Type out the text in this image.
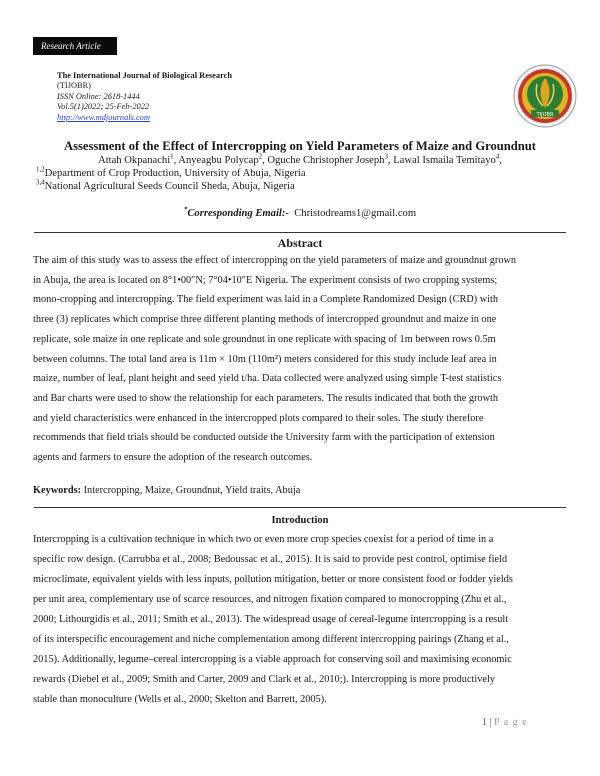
Research Article
The International Journal of Biological Research
(TIJOBR)
ISSN Online: 2618-1444
Vol.5(1)2022; 25-Feb-2022
http://www.mdjournals.com	TIJOBR
Assessment of the Effect of Intercropping on Yield Parameters of Maize and Groundnut
Attah Okpanachi$^1$, Anyeagbu Polycap$^2$, Oguche Christopher Joseph$^3$, Lawal Ismaila Temitayo$^4$,
$^{1,2}$Department of Crop Production, University of Abuja, Nigeria
$^{3,4}$National Agricultural Seeds Council Sheda, Abuja, Nigeria
*Corresponding Email:- Christodreams1@gmail.com
Abstract
The aim of this study was to assess the effect of intercropping on the yield parameters of maize and groundnut grown
in Abuja, the area is located on 8°1•00″N; 7°04•10″E Nigeria. The experiment consists of two cropping systems;
mono-cropping and intercropping. The field experiment was laid in a Complete Randomized Design (CRD) with
three (3) replicates which comprise three different planting methods of intercropped groundnut and maize in one
replicate, sole maize in one replicate and sole groundnut in one replicate with spacing of 1m between rows 0.5m
between columns. The total land area is 11m × 10m (110m²) meters considered for this study include leaf area in
maize, number of leaf, plant height and seed yield t/ha. Data collected were analyzed using simple T-test statistics
and Bar charts were used to show the relationship for each parameters. The results indicated that both the growth
and yield characteristics were enhanced in the intercropped plots compared to their soles. The study therefore
recommends that field trials should be conducted outside the University farm with the participation of extension
agents and farmers to ensure the adoption of the research outcomes.
Keywords: Intercropping, Maize, Groundnut, Yield traits, Abuja
Introduction
Intercropping is a cultivation technique in which two or even more crop species coexist for a period of time in a
specific row design. (Carrubba et al., 2008; Bedoussac et al., 2015). It is said to provide pest control, optimise field
microclimate, equivalent yields with less inputs, pollution mitigation, better or more consistent food or fodder yields
per unit area, complementary use of scarce resources, and nitrogen fixation compared to monocropping (Zhu et al.,
2000; Lithourgidis et al., 2011; Smith et al., 2013). The widespread usage of cereal-legume intercropping is a result
of its interspecific encouragement and niche complementation among different intercropping pairings (Zhang et al.,
2015). Additionally, legume–cereal intercropping is a viable approach for conserving soil and maximising economic
rewards (Diebel et al., 2009; Smith and Carter, 2009 and Clark et al., 2010;). Intercropping is more productively
stable than monoculture (Wells et al., 2000; Skelton and Barrett, 2005).
1 | P a g e
